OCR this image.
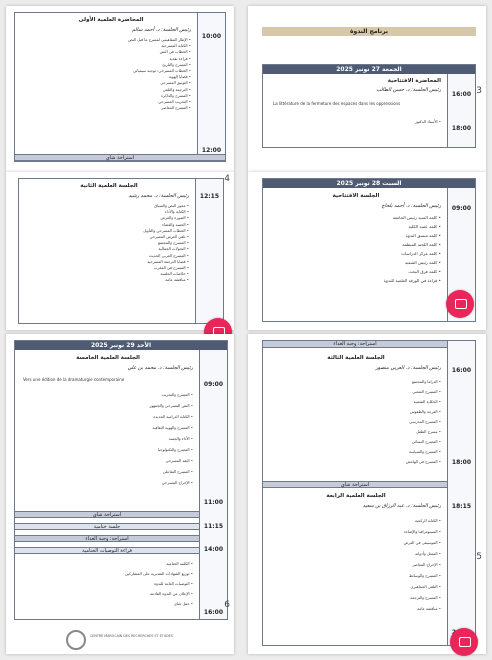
10:00
12:00
المحاضرة العلمية الأولى
رئيس الجلسة: د. أحمد سالم
• الإطار المفاهيمي لمسرح ما قبل النص
• الكتابة المسرحية
• الخطاب في النص
• قراءة نقدية
• المسرح والتاريخ
• الخطاب المسرحي: توجيه سيميائي
• قضايا الهوية
• التوثيق المسرحي
• الترجمة والتلقي
• المسرح والذاكرة
• التجريب المسرحي
• المسرح المعاصر
استراحة شاي
برنامج الندوة
الجمعة 27 نونبر 2025
16:00
18:00
المحاضرة الافتتاحية
رئيس الجلسة: د. حسن الطالب
La littérature de la fermeture des espaces dans les oppressions
• الأستاذ الدكتور
3
12:15
الجلسة العلمية الثانية
رئيس الجلسة: د. محمد رشيد
• محور النص والسياق
• الكتابة والأداء
• الصورة والعرض
• الجسد والفضاء
• الخطاب المسرحي والتأويل
• تلقي العرض المسرحي
• المسرح والمجتمع
• التحولات الجمالية
• المسرح العربي الحديث
• قضايا الترجمة المسرحية
• المسرح في المغرب
• خلاصات الجلسة
• مناقشة عامة
4	السبت 28 نونبر 2025
09:00
الجلسة الافتتاحية
رئيس الجلسة: د. أحمد بلحاج
• كلمة السيد رئيس الجامعة
• كلمة عميد الكلية
• كلمة منسق الندوة
• كلمة اللجنة المنظمة
• كلمة مركز الدراسات
• كلمة رئيس الشعبة
• كلمة فرق البحث
• قراءة في الورقة العلمية للندوة
الأحد 29 نونبر 2025
09:00
11:00
11:15
14:00
16:00
الجلسة العلمية الخامسة
رئيس الجلسة: د. محمد بن علي
Vers une édition de la dramaturgie contemporaine
• المسرح والتجريب
• النص المسرحي والجمهور
• الكتابة الدرامية الجديدة
• المسرح والهوية الثقافية
• الأداء والجسد
• المسرح والتكنولوجيا
• النقد المسرحي
• المسرح التفاعلي
• الإخراج المسرحي
استراحة شاي
جلسة ختامية
استراحة: وجبة الغداء
قراءة التوصيات الختامية
• الكلمة الختامية
• توزيع الشهادات التقديرية على المشاركين
• التوصيات العامة للندوة
• الإعلان عن الندوة القادمة
• حفل شاي	6
CENTRE MAROCAIN DES RECHERCHES ET ETUDES
استراحة: وجبة الغداء
16:00
18:00
18:15
الجلسة العلمية الثالثة
رئيس الجلسة: د. العربي منصور
• الدراما والمجتمع
• المسرح الشعبي
• الحكاية الشعبية
• الفرجة والطقوس
• المسرح المدرسي
• مسرح الطفل
• المسرح النسائي
• المسرح والسياسة
• المسرح في الهامش
استراحة شاي
الجلسة العلمية الرابعة
رئيس الجلسة: د. عبد الرزاق بن سعيد
• الكتابة الركحية
• السينوغرافيا والإضاءة
• الموسيقى في العرض
• الممثل وأدواته
• الإخراج المعاصر
• المسرح والوسائط
• التلقي الجماهيري
• المسرح والترجمة
• مناقشة عامة
5
